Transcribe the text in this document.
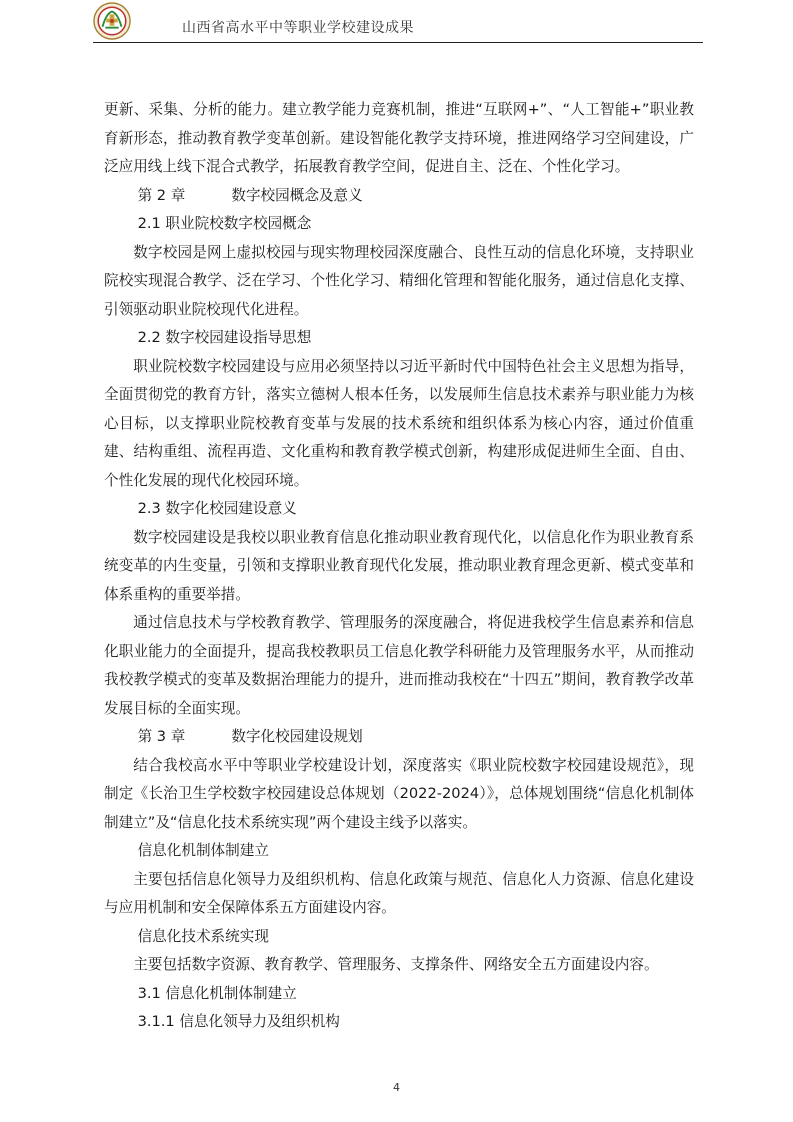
山西省高水平中等职业学校建设成果

更新、采集、分析的能力。建立教学能力竞赛机制，推进“互联网+”、“人工智能+”职业教育新形态，推动教育教学变革创新。建设智能化教学支持环境，推进网络学习空间建设，广泛应用线上线下混合式教学，拓展教育教学空间，促进自主、泛在、个性化学习。

第 2 章	数字校园概念及意义

2.1 职业院校数字校园概念

数字校园是网上虚拟校园与现实物理校园深度融合、良性互动的信息化环境，支持职业院校实现混合教学、泛在学习、个性化学习、精细化管理和智能化服务，通过信息化支撑、引领驱动职业院校现代化进程。

2.2 数字校园建设指导思想

职业院校数字校园建设与应用必须坚持以习近平新时代中国特色社会主义思想为指导，全面贯彻党的教育方针，落实立德树人根本任务，以发展师生信息技术素养与职业能力为核心目标，以支撑职业院校教育变革与发展的技术系统和组织体系为核心内容，通过价值重建、结构重组、流程再造、文化重构和教育教学模式创新，构建形成促进师生全面、自由、个性化发展的现代化校园环境。

2.3 数字化校园建设意义

数字校园建设是我校以职业教育信息化推动职业教育现代化，以信息化作为职业教育系统变革的内生变量，引领和支撑职业教育现代化发展，推动职业教育理念更新、模式变革和体系重构的重要举措。

通过信息技术与学校教育教学、管理服务的深度融合，将促进我校学生信息素养和信息化职业能力的全面提升，提高我校教职员工信息化教学科研能力及管理服务水平，从而推动我校教学模式的变革及数据治理能力的提升，进而推动我校在“十四五”期间，教育教学改革发展目标的全面实现。

第 3 章	数字化校园建设规划

结合我校高水平中等职业学校建设计划，深度落实《职业院校数字校园建设规范》，现制定《长治卫生学校数字校园建设总体规划（2022-2024）》，总体规划围绕“信息化机制体制建立”及“信息化技术系统实现”两个建设主线予以落实。

信息化机制体制建立

主要包括信息化领导力及组织机构、信息化政策与规范、信息化人力资源、信息化建设与应用机制和安全保障体系五方面建设内容。

信息化技术系统实现

主要包括数字资源、教育教学、管理服务、支撑条件、网络安全五方面建设内容。

3.1 信息化机制体制建立

3.1.1 信息化领导力及组织机构

4
